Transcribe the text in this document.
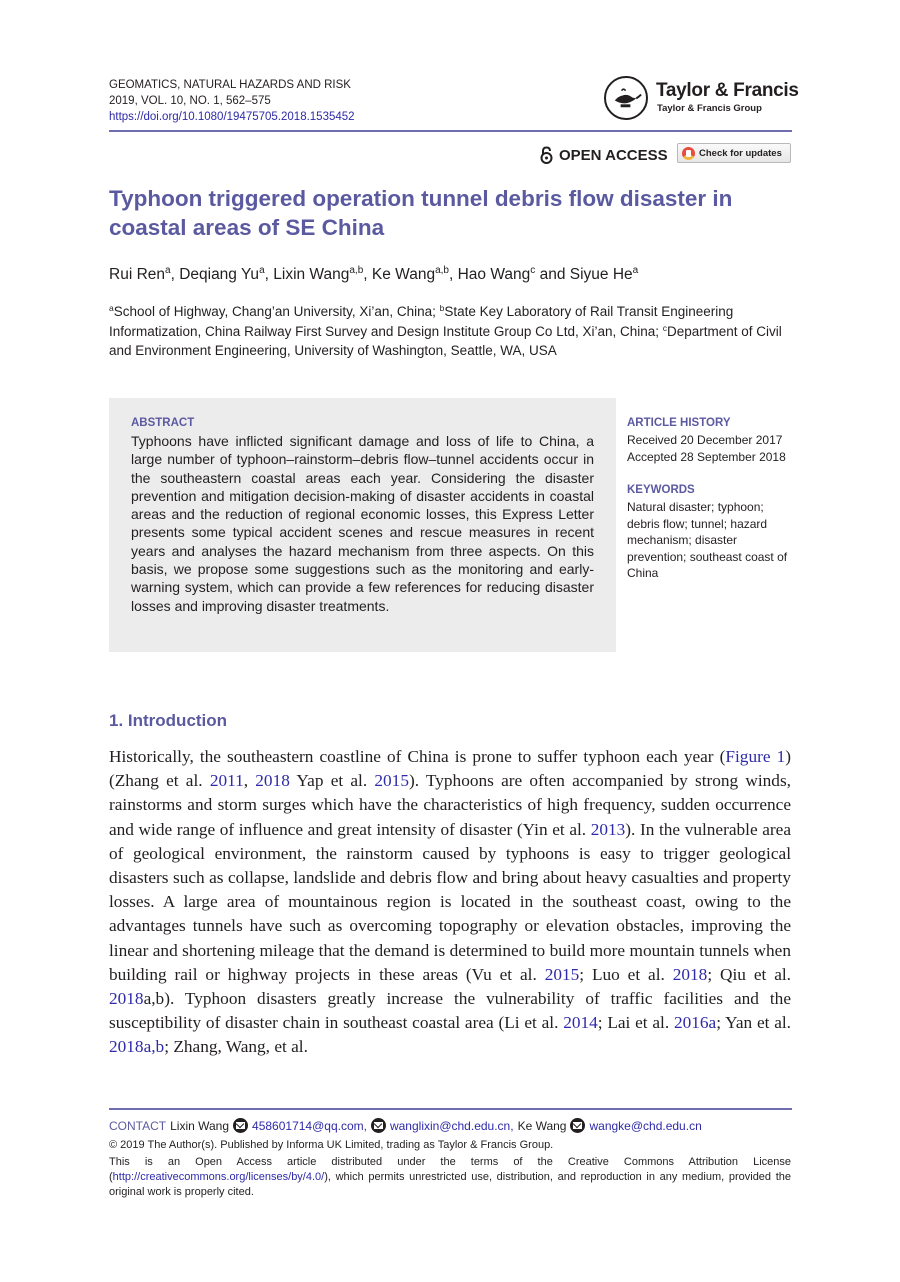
GEOMATICS, NATURAL HAZARDS AND RISK
2019, VOL. 10, NO. 1, 562–575
https://doi.org/10.1080/19475705.2018.1535452
Taylor & Francis
Taylor & Francis Group
OPEN ACCESS	Check for updates
Typhoon triggered operation tunnel debris flow disaster in coastal areas of SE China
Rui Ren$^a$, Deqiang Yu$^a$, Lixin Wang$^{a,b}$, Ke Wang$^{a,b}$, Hao Wang$^c$ and Siyue He$^a$
$^a$School of Highway, Chang’an University, Xi’an, China; $^b$State Key Laboratory of Rail Transit Engineering Informatization, China Railway First Survey and Design Institute Group Co Ltd, Xi’an, China; $^c$Department of Civil and Environment Engineering, University of Washington, Seattle, WA, USA
ABSTRACT

Typhoons have inflicted significant damage and loss of life to China, a large number of typhoon–rainstorm–debris flow–tunnel accidents occur in the southeastern coastal areas each year. Considering the disaster prevention and mitigation decision-making of disaster accidents in coastal areas and the reduction of regional economic losses, this Express Letter presents some typical accident scenes and rescue measures in recent years and analyses the hazard mechanism from three aspects. On this basis, we propose some suggestions such as the monitoring and early-warning system, which can provide a few references for reducing disaster losses and improving disaster treatments.

ARTICLE HISTORY
Received 20 December 2017
Accepted 28 September 2018
KEYWORDS

Natural disaster; typhoon; debris flow; tunnel; hazard mechanism; disaster prevention; southeast coast of China

1. Introduction

Historically, the southeastern coastline of China is prone to suffer typhoon each year (Figure 1) (Zhang et al. 2011, 2018 Yap et al. 2015). Typhoons are often accompanied by strong winds, rainstorms and storm surges which have the characteristics of high frequency, sudden occurrence and wide range of influence and great intensity of disaster (Yin et al. 2013). In the vulnerable area of geological environment, the rainstorm caused by typhoons is easy to trigger geological disasters such as collapse, landslide and debris flow and bring about heavy casualties and property losses. A large area of mountainous region is located in the southeast coast, owing to the advantages tunnels have such as overcoming topography or elevation obstacles, improving the linear and shortening mileage that the demand is determined to build more mountain tunnels when building rail or highway projects in these areas (Vu et al. 2015; Luo et al. 2018; Qiu et al. 2018a,b). Typhoon disasters greatly increase the vulnerability of traffic facilities and the susceptibility of disaster chain in southeast coastal area (Li et al. 2014; Lai et al. 2016a; Yan et al. 2018a,b; Zhang, Wang, et al.

CONTACT Lixin Wang 458601714@qq.com, wanglixin@chd.edu.cn, Ke Wang wangke@chd.edu.cn
© 2019 The Author(s). Published by Informa UK Limited, trading as Taylor & Francis Group.

This is an Open Access article distributed under the terms of the Creative Commons Attribution License (http://creativecommons.org/licenses/by/4.0/), which permits unrestricted use, distribution, and reproduction in any medium, provided the original work is properly cited.
